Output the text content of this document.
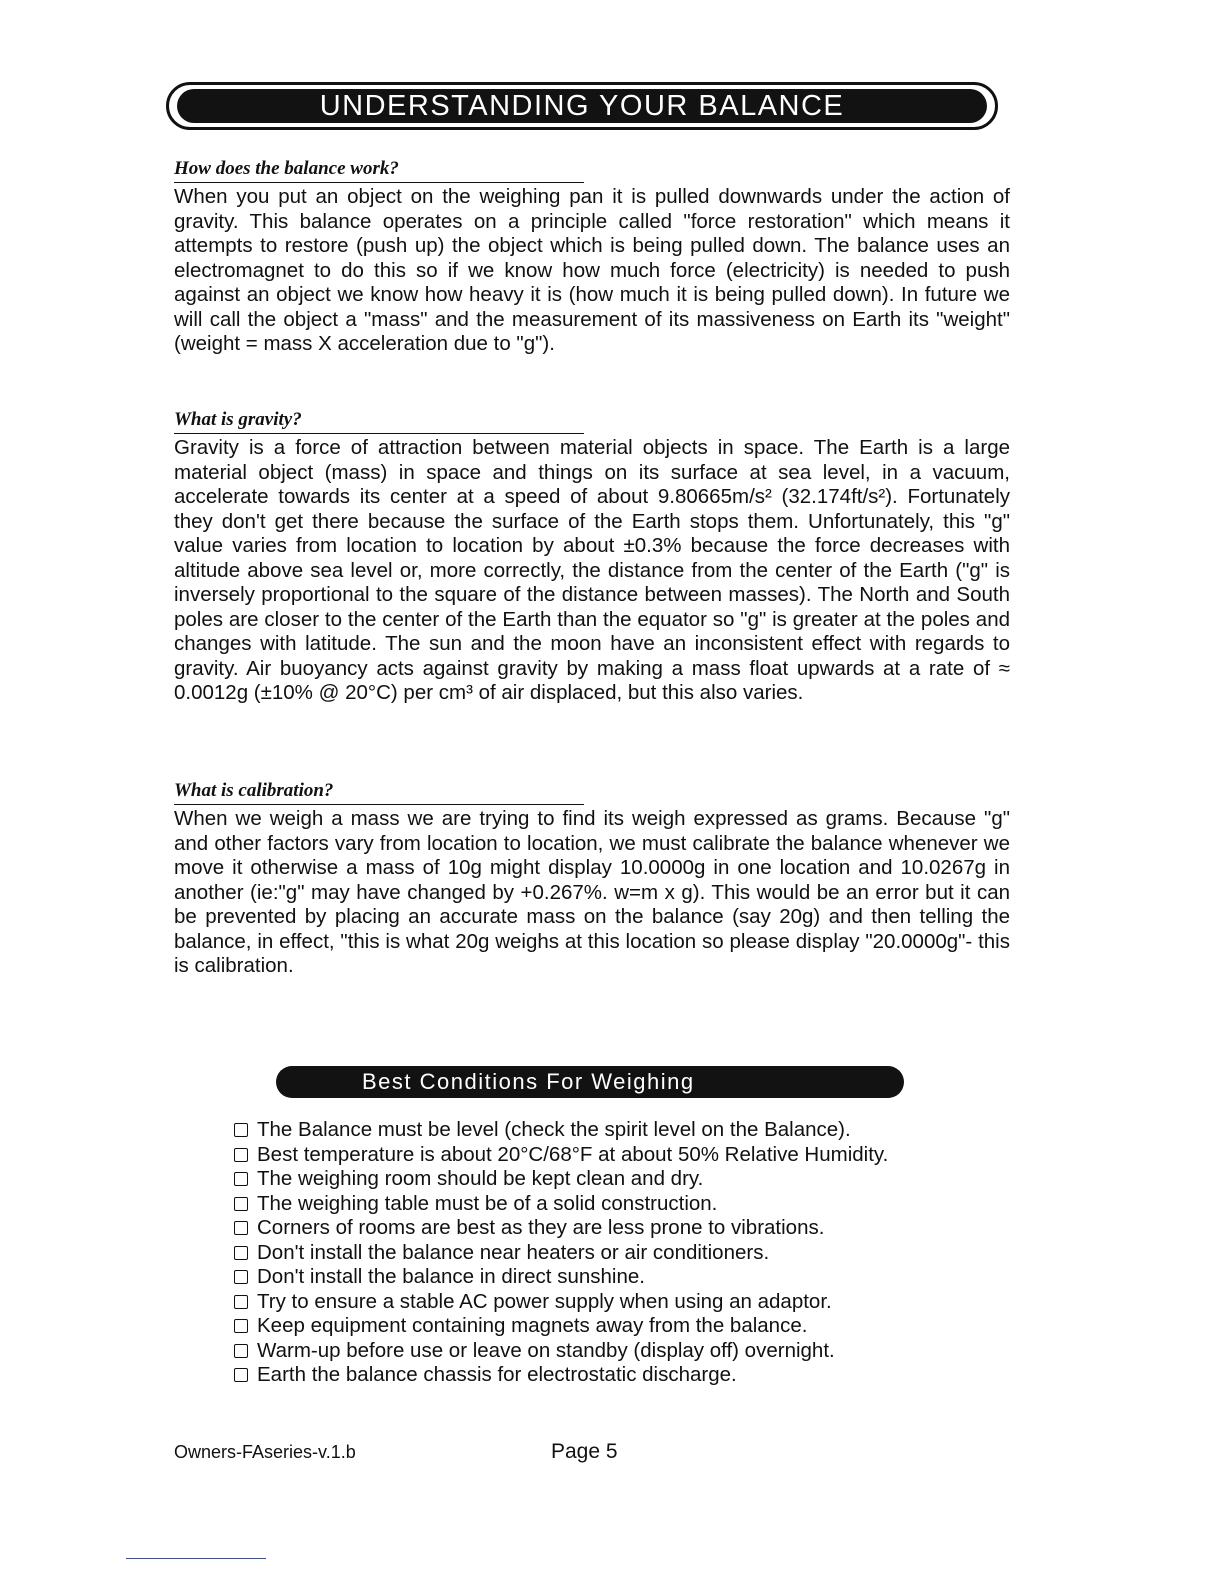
UNDERSTANDING YOUR BALANCE
How does the balance work?

When you put an object on the weighing pan it is pulled downwards under the action of gravity. This balance operates on a principle called "force restoration" which means it attempts to restore (push up) the object which is being pulled down. The balance uses an electromagnet to do this so if we know how much force (electricity) is needed to push against an object we know how heavy it is (how much it is being pulled down). In future we will call the object a "mass" and the measurement of its massiveness on Earth its "weight" (weight = mass X acceleration due to "g").

What is gravity?

Gravity is a force of attraction between material objects in space. The Earth is a large material object (mass) in space and things on its surface at sea level, in a vacuum, accelerate towards its center at a speed of about 9.80665m/s² (32.174ft/s²). Fortunately they don't get there because the surface of the Earth stops them. Unfortunately, this "g" value varies from location to location by about ±0.3% because the force decreases with altitude above sea level or, more correctly, the distance from the center of the Earth ("g" is inversely proportional to the square of the distance between masses). The North and South poles are closer to the center of the Earth than the equator so "g" is greater at the poles and changes with latitude. The sun and the moon have an inconsistent effect with regards to gravity. Air buoyancy acts against gravity by making a mass float upwards at a rate of ≈ 0.0012g (±10% @ 20°C) per cm³ of air displaced, but this also varies.

What is calibration?

When we weigh a mass we are trying to find its weigh expressed as grams. Because "g" and other factors vary from location to location, we must calibrate the balance whenever we move it otherwise a mass of 10g might display 10.0000g in one location and 10.0267g in another (ie:"g" may have changed by +0.267%. w=m x g). This would be an error but it can be prevented by placing an accurate mass on the balance (say 20g) and then telling the balance, in effect, "this is what 20g weighs at this location so please display "20.0000g"- this is calibration.

Best Conditions For Weighing
The Balance must be level (check the spirit level on the Balance).
Best temperature is about 20°C/68°F at about 50% Relative Humidity.
The weighing room should be kept clean and dry.
The weighing table must be of a solid construction.
Corners of rooms are best as they are less prone to vibrations.
Don't install the balance near heaters or air conditioners.
Don't install the balance in direct sunshine.
Try to ensure a stable AC power supply when using an adaptor.
Keep equipment containing magnets away from the balance.
Warm-up before use or leave on standby (display off) overnight.
Earth the balance chassis for electrostatic discharge.
Owners-FAseries-v.1.b	Page 5
